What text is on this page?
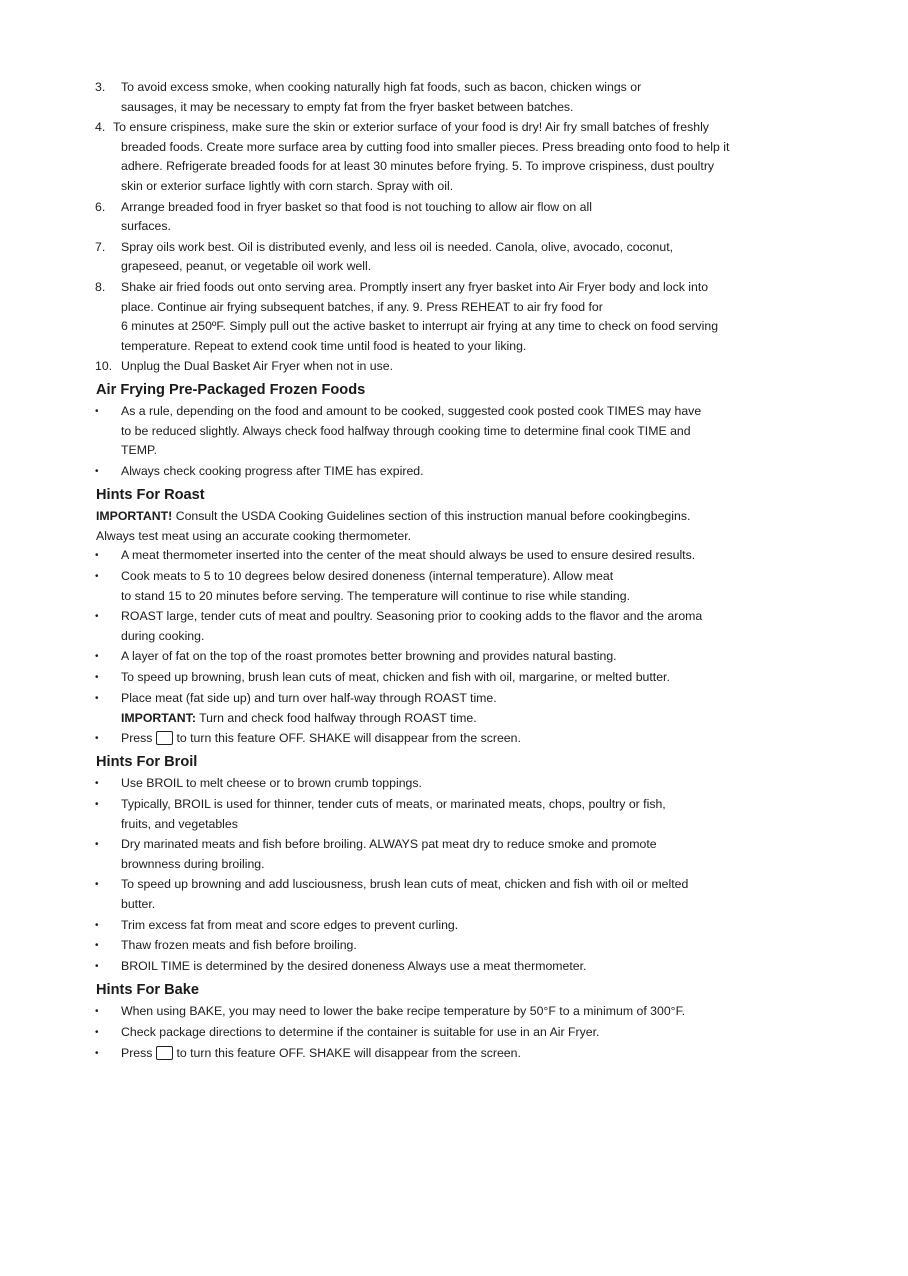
3. To avoid excess smoke, when cooking naturally high fat foods, such as bacon, chicken wings or
sausages, it may be necessary to empty fat from the fryer basket between batches.
4. To ensure crispiness, make sure the skin or exterior surface of your food is dry! Air fry small batches of freshly
breaded foods. Create more surface area by cutting food into smaller pieces. Press breading onto food to help it
adhere. Refrigerate breaded foods for at least 30 minutes before frying. 5. To improve crispiness, dust poultry
skin or exterior surface lightly with corn starch. Spray with oil.
6. Arrange breaded food in fryer basket so that food is not touching to allow air flow on all
surfaces.
7. Spray oils work best. Oil is distributed evenly, and less oil is needed. Canola, olive, avocado, coconut,
grapeseed, peanut, or vegetable oil work well.
8. Shake air fried foods out onto serving area. Promptly insert any fryer basket into Air Fryer body and lock into
place. Continue air frying subsequent batches, if any. 9. Press REHEAT to air fry food for
6 minutes at 250ºF. Simply pull out the active basket to interrupt air frying at any time to check on food serving
temperature. Repeat to extend cook time until food is heated to your liking.
10. Unplug the Dual Basket Air Fryer when not in use.
Air Frying Pre-Packaged Frozen Foods
• As a rule, depending on the food and amount to be cooked, suggested cook posted cook TIMES may have
to be reduced slightly. Always check food halfway through cooking time to determine final cook TIME and
TEMP.
• Always check cooking progress after TIME has expired.
Hints For Roast
IMPORTANT! Consult the USDA Cooking Guidelines section of this instruction manual before cookingbegins.
Always test meat using an accurate cooking thermometer.
• A meat thermometer inserted into the center of the meat should always be used to ensure desired results.
• Cook meats to 5 to 10 degrees below desired doneness (internal temperature). Allow meat
to stand 15 to 20 minutes before serving. The temperature will continue to rise while standing.
• ROAST large, tender cuts of meat and poultry. Seasoning prior to cooking adds to the flavor and the aroma
during cooking.
• A layer of fat on the top of the roast promotes better browning and provides natural basting.
• To speed up browning, brush lean cuts of meat, chicken and fish with oil, margarine, or melted butter.
• Place meat (fat side up) and turn over half-way through ROAST time.
IMPORTANT: Turn and check food halfway through ROAST time.
• Press to turn this feature OFF. SHAKE will disappear from the screen.
Hints For Broil
• Use BROIL to melt cheese or to brown crumb toppings.
• Typically, BROIL is used for thinner, tender cuts of meats, or marinated meats, chops, poultry or fish,
fruits, and vegetables
• Dry marinated meats and fish before broiling. ALWAYS pat meat dry to reduce smoke and promote
brownness during broiling.
• To speed up browning and add lusciousness, brush lean cuts of meat, chicken and fish with oil or melted
butter.
• Trim excess fat from meat and score edges to prevent curling.
• Thaw frozen meats and fish before broiling.
• BROIL TIME is determined by the desired doneness Always use a meat thermometer.
Hints For Bake
• When using BAKE, you may need to lower the bake recipe temperature by 50°F to a minimum of 300°F.
• Check package directions to determine if the container is suitable for use in an Air Fryer.
• Press to turn this feature OFF. SHAKE will disappear from the screen.
